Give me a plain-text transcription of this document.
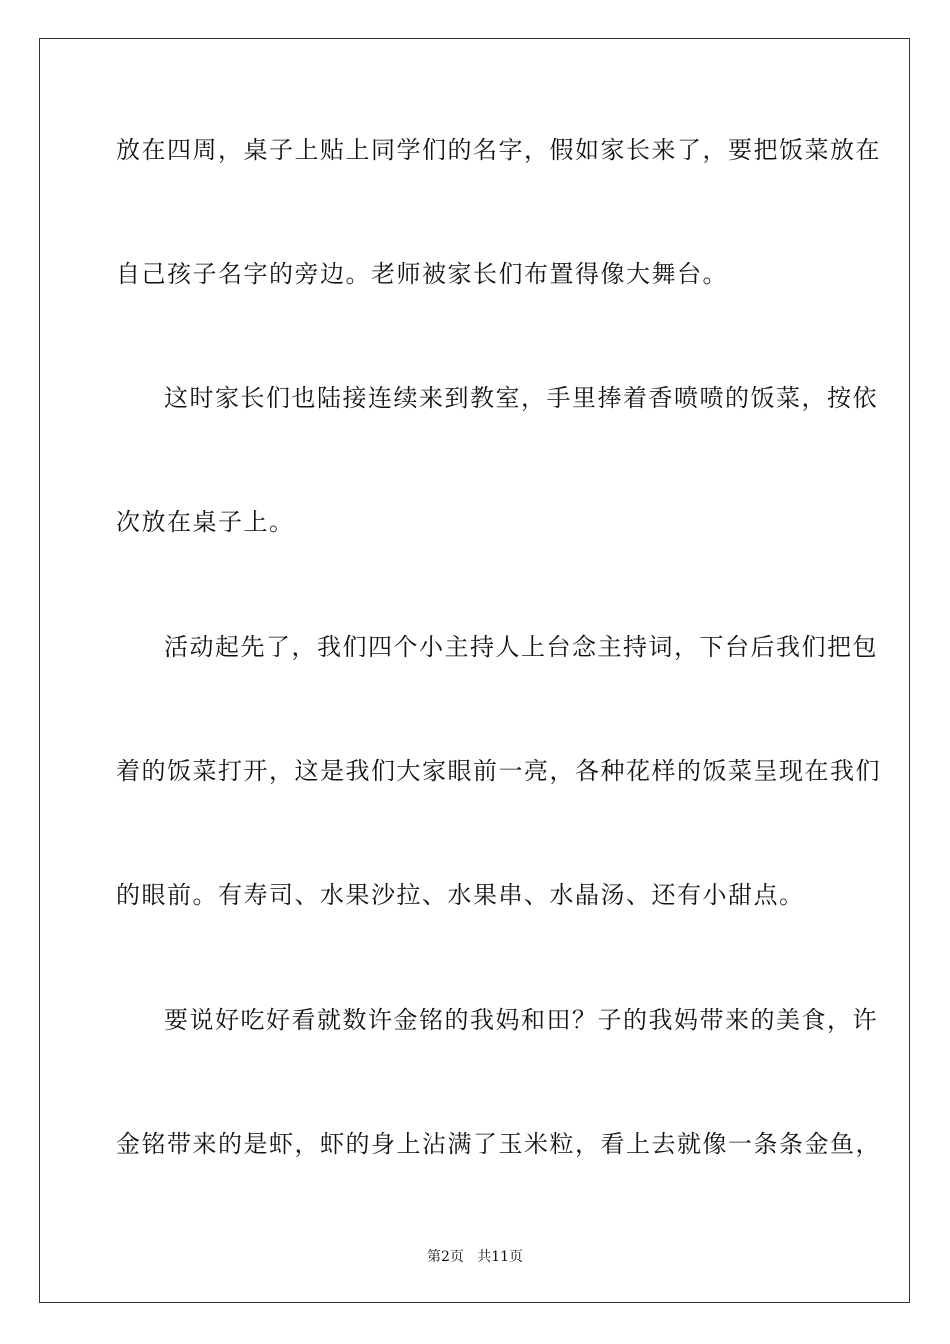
放在四周，桌子上贴上同学们的名字，假如家长来了，要把饭菜放在
自己孩子名字的旁边。老师被家长们布置得像大舞台。
这时家长们也陆接连续来到教室，手里捧着香喷喷的饭菜，按依
次放在桌子上。
活动起先了，我们四个小主持人上台念主持词，下台后我们把包
着的饭菜打开，这是我们大家眼前一亮，各种花样的饭菜呈现在我们
的眼前。有寿司、水果沙拉、水果串、水晶汤、还有小甜点。
要说好吃好看就数许金铭的我妈和田？子的我妈带来的美食，许
金铭带来的是虾，虾的身上沾满了玉米粒，看上去就像一条条金鱼，
第2页   共11页
